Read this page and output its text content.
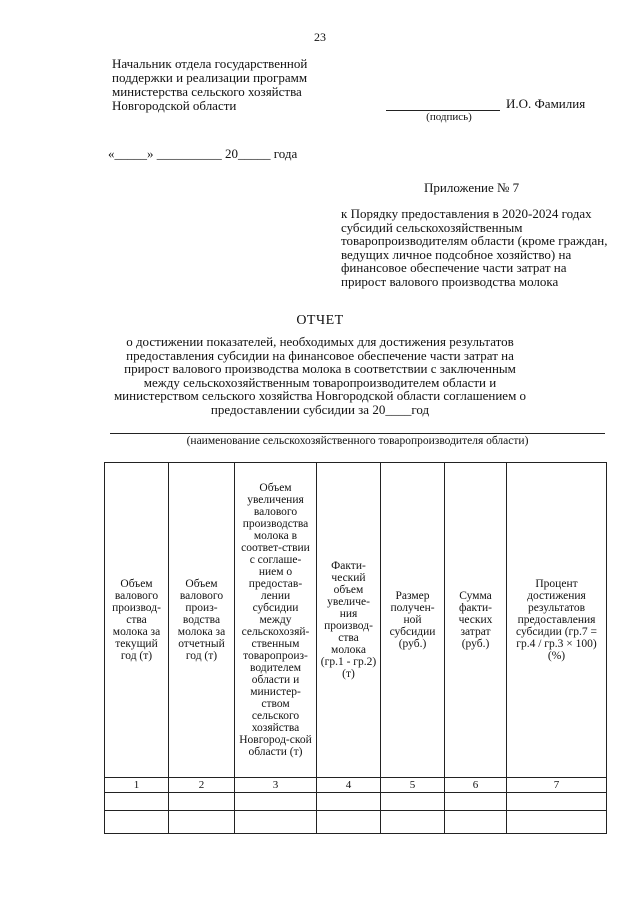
23
Начальник отдела государственной
поддержки и реализации программ
министерства сельского хозяйства
Новгородской области	И.О. Фамилия
(подпись)
«_____» __________ 20_____ года
Приложение № 7
к Порядку предоставления в 2020-2024 годах субсидий сельскохозяйственным товаропроизводителям области (кроме граждан, ведущих личное подсобное хозяйство) на финансовое обеспечение части затрат на прирост валового производства молока
ОТЧЕТ
о достижении показателей, необходимых для достижения результатов предоставления субсидии на финансовое обеспечение части затрат на прирост валового производства молока в соответствии с заключенным между сельскохозяйственным товаропроизводителем области и министерством сельского хозяйства Новгородской области соглашением о предоставлении субсидии за 20____год
(наименование сельскохозяйственного товаропроизводителя области)
Объем валового производ-ства молока за текущий год (т)	Объем валового произ-водства молока за отчетный год (т)	Объем увеличения валового производства молока в соответ-ствии с соглаше-нием о предостав-лении субсидии между сельскохозяй-ственным товаропроиз-водителем области и министер-ством сельского хозяйства Новгород-ской области (т)	Факти-ческий объем увеличе-ния производ-ства молока (гр.1 - гр.2) (т)	Размер получен-ной субсидии (руб.)	Сумма факти-ческих затрат (руб.)	Процент достижения результатов предоставления субсидии (гр.7 = гр.4 / гр.3 × 100) (%)
1	2	3	4	5	6	7
